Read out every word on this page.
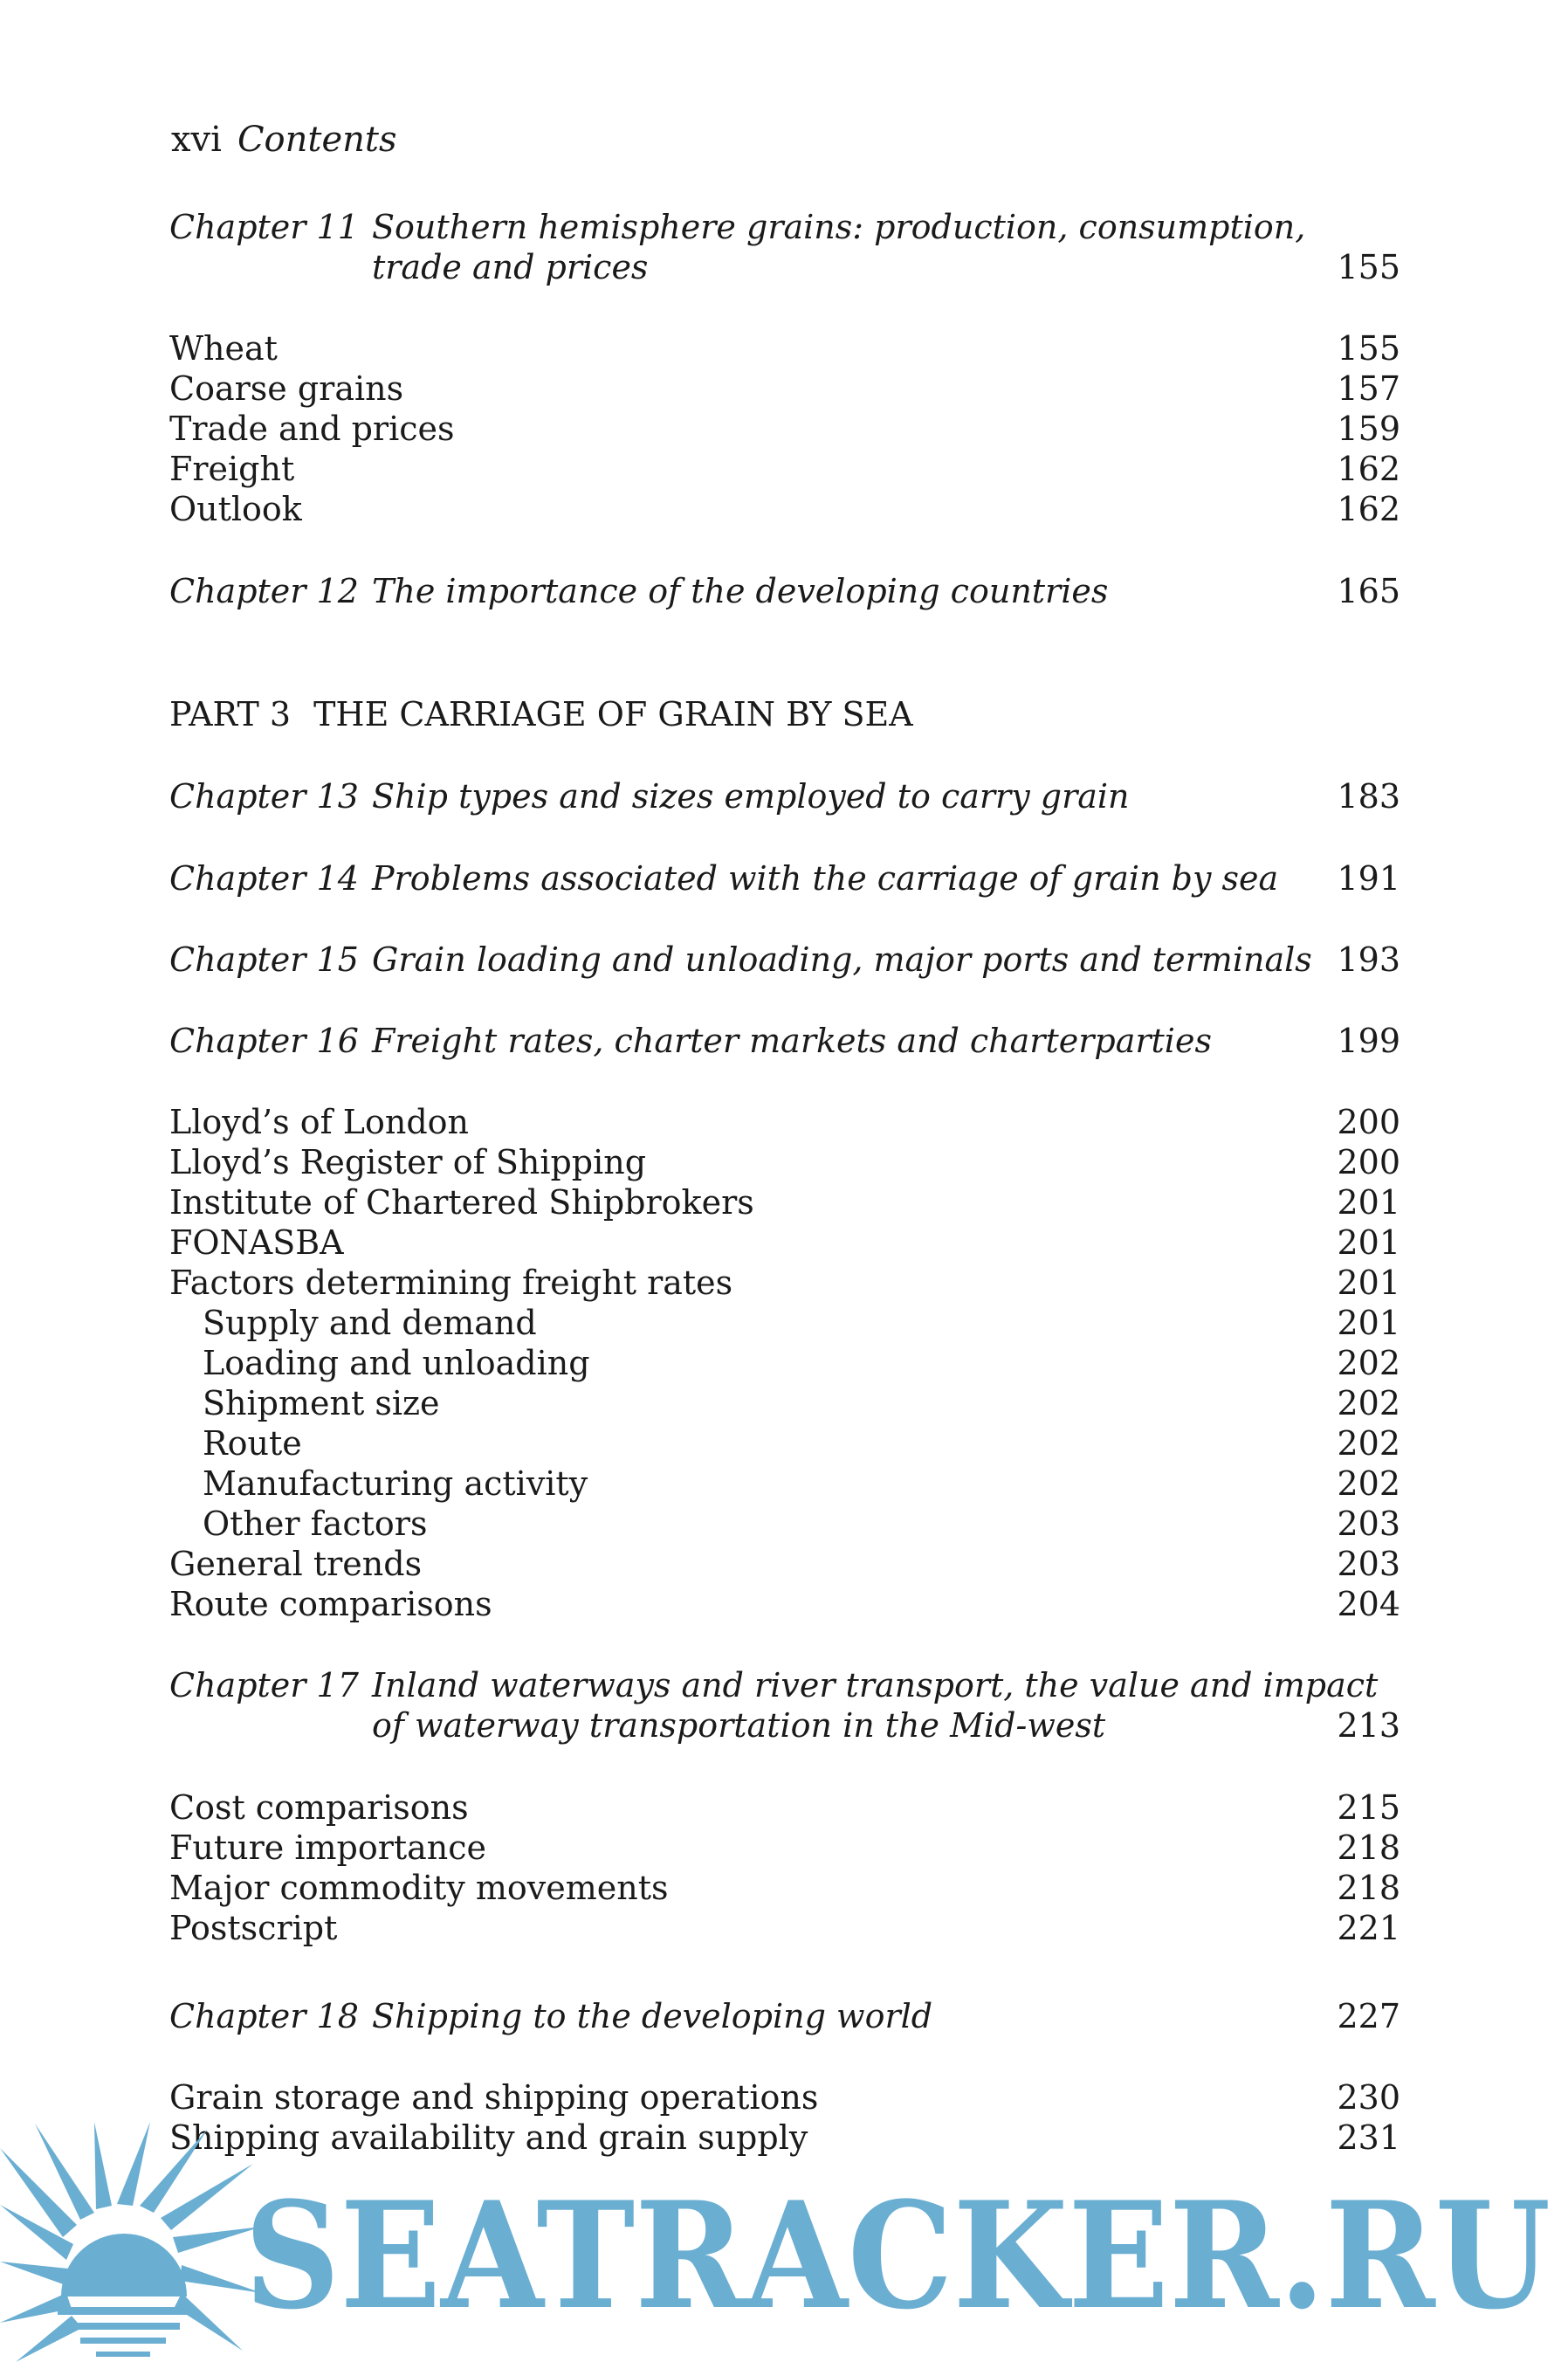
xvi Contents
Chapter 11 Southern hemisphere grains: production, consumption,
trade and prices	155
Wheat	155
Coarse grains	157
Trade and prices	159
Freight	162
Outlook	162
Chapter 12 The importance of the developing countries	165
PART 3 THE CARRIAGE OF GRAIN BY SEA
Chapter 13 Ship types and sizes employed to carry grain	183
Chapter 14 Problems associated with the carriage of grain by sea 191
Chapter 15 Grain loading and unloading, major ports and terminals 193
Chapter 16 Freight rates, charter markets and charterparties	199
Lloyd’s of London	200
Lloyd’s Register of Shipping	200
Institute of Chartered Shipbrokers	201
FONASBA	201
Factors determining freight rates	201
Supply and demand	201
Loading and unloading	202
Shipment size	202
Route	202
Manufacturing activity	202
Other factors	203
General trends	203
Route comparisons	204
Chapter 17 Inland waterways and river transport, the value and impact
of waterway transportation in the Mid-west	213
Cost comparisons	215
Future importance	218
Major commodity movements	218
Postscript	221
Chapter 18 Shipping to the developing world	227
Grain storage and shipping operations	230
Shipping availability and grain supply	231
SEATRACKER.RU
